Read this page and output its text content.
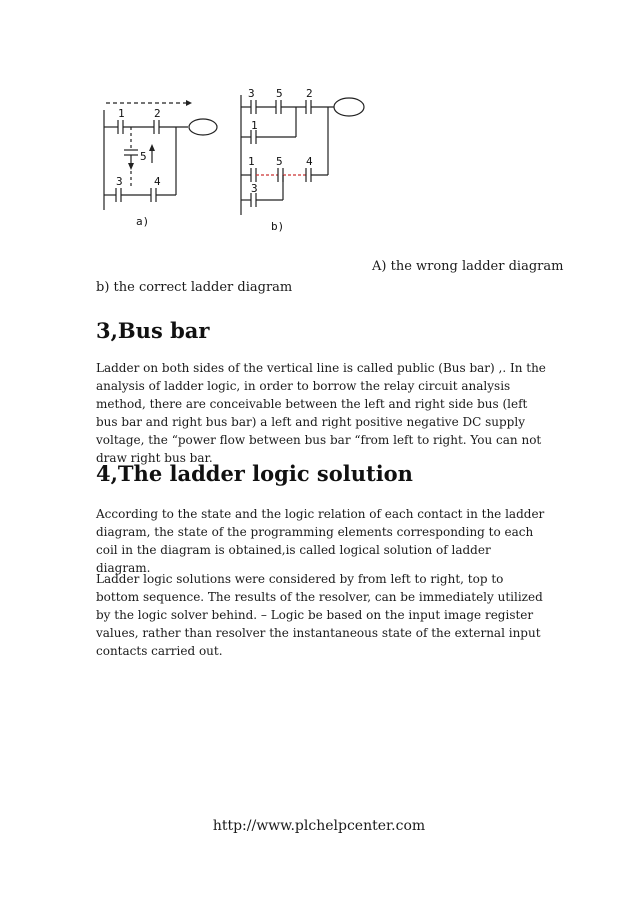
1	2
5
3	4
a)
3 5 2
1
1 5 4
3
b)
A) the wrong ladder diagram
b) the correct ladder diagram
3,Bus bar

Ladder on both sides of the vertical line is called public (Bus bar) ,. In the analysis of ladder logic, in order to borrow the relay circuit analysis method, there are conceivable between the left and right side bus (left bus bar and right bus bar) a left and right positive negative DC supply voltage, the “power flow between bus bar “from left to right. You can not draw right bus bar.

4,The ladder logic solution

According to the state and the logic relation of each contact in the ladder diagram, the state of the programming elements corresponding to each coil in the diagram is obtained,is called logical solution of ladder diagram.

Ladder logic solutions were considered by from left to right, top to bottom sequence. The results of the resolver, can be immediately utilized by the logic solver behind. – Logic be based on the input image register values, rather than resolver the instantaneous state of the external input contacts carried out.

http://www.plchelpcenter.com
